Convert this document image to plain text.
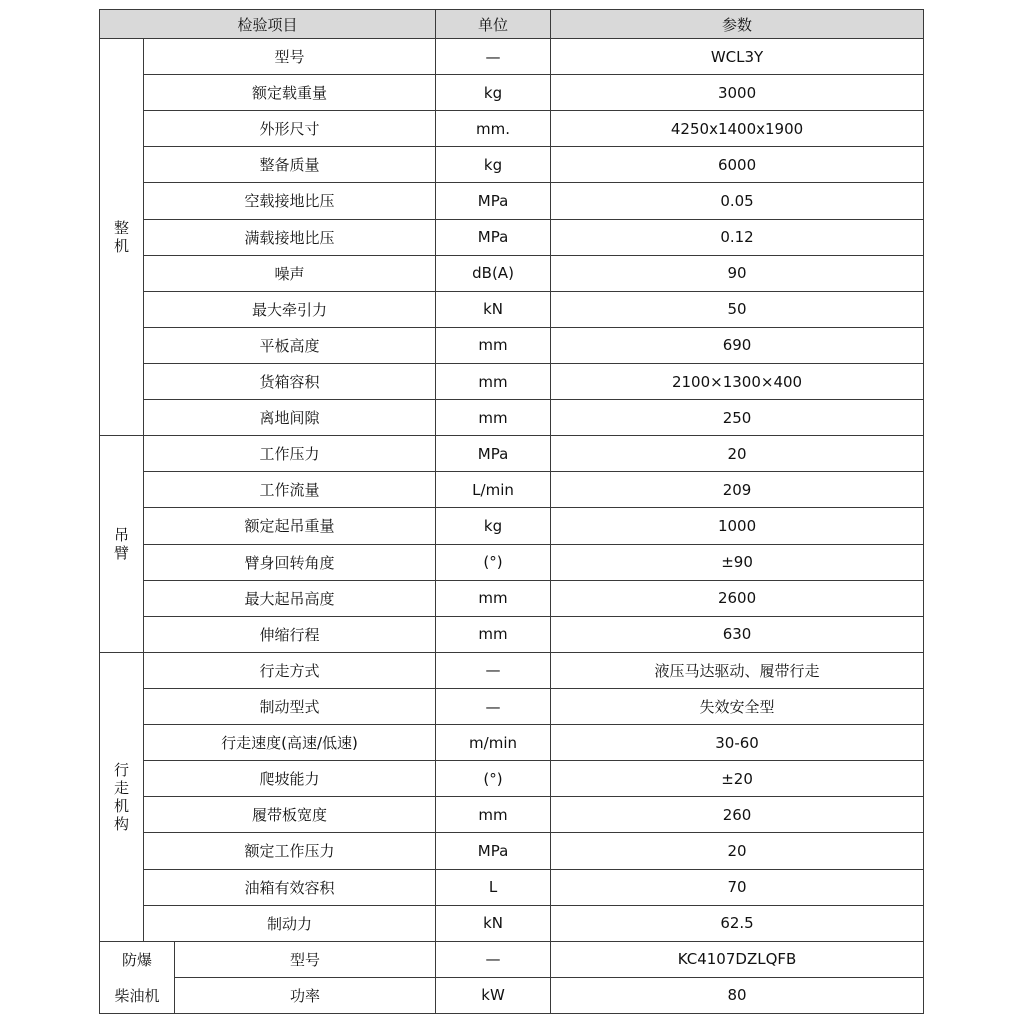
检验项目			单位	参数
整机	型号		—	WCL3Y
	额定载重量		kg	3000
	外形尺寸		mm.	4250x1400x1900
	整备质量		kg	6000
	空载接地比压		MPa	0.05
	满载接地比压		MPa	0.12
	噪声		dB(A)	90
	最大牵引力		kN	50
	平板高度		mm	690
	货箱容积		mm	2100×1300×400
	离地间隙		mm	250
吊臂	工作压力		MPa	20
	工作流量		L/min	209
	额定起吊重量		kg	1000
	臂身回转角度		(°)	±90
	最大起吊高度		mm	2600
	伸缩行程		mm	630
行走机构	行走方式		—	液压马达驱动、履带行走
	制动型式		—	失效安全型
	行走速度(高速/低速)		m/min	30-60
	爬坡能力		(°)	±20
	履带板宽度		mm	260
	额定工作压力		MPa	20
	油箱有效容积		L	70
	制动力		kN	62.5
防爆		型号	—	KC4107DZLQFB
柴油机		功率	kW	80
